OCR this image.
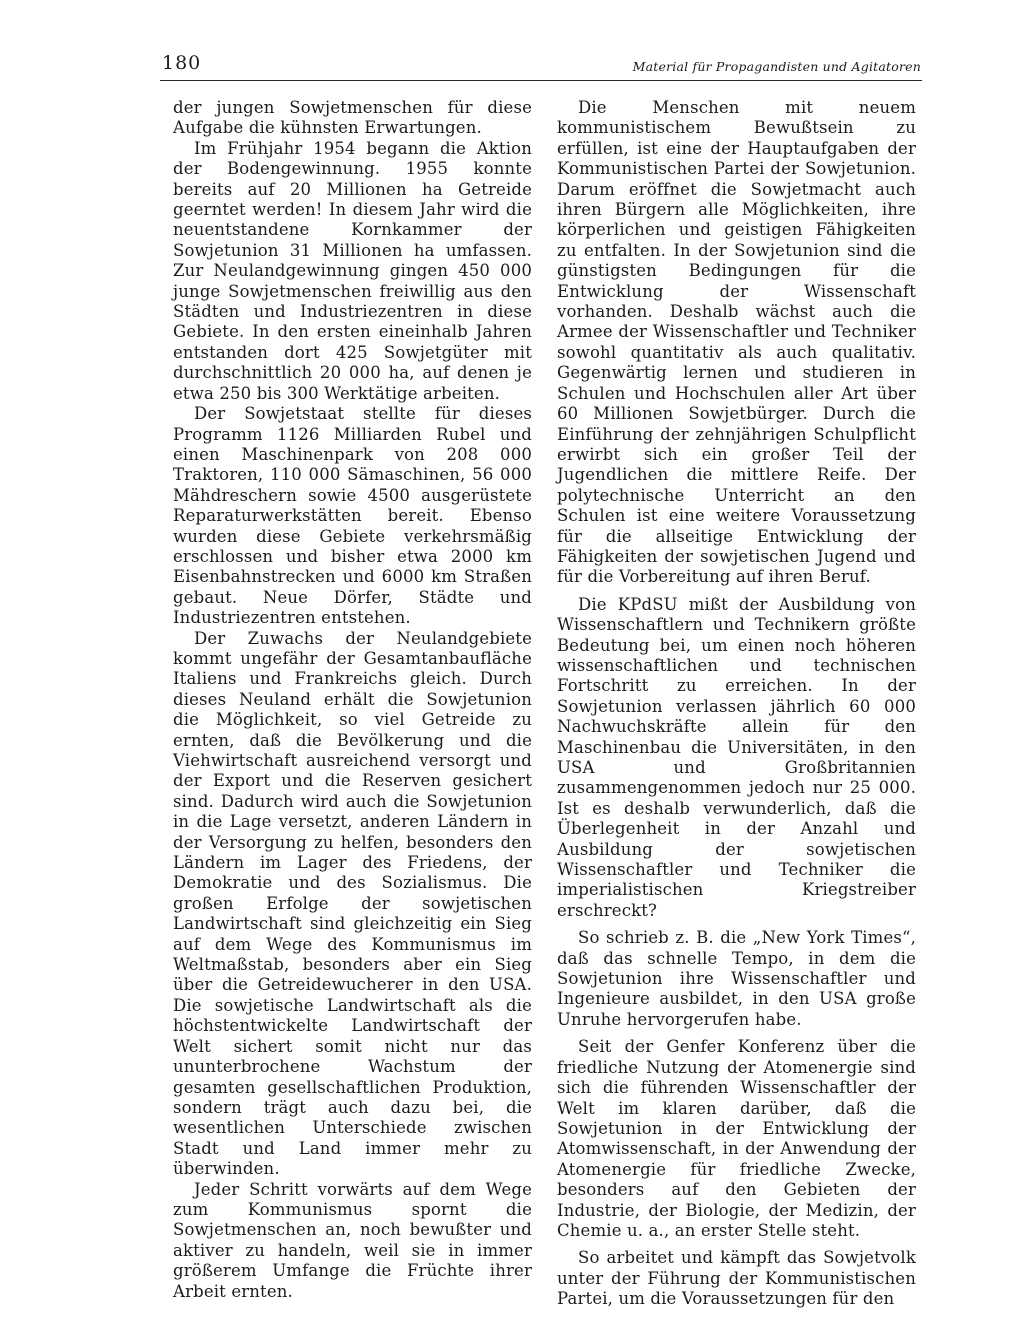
180	Material für Propagandisten und Agitatoren

der jungen Sowjetmenschen für diese Aufgabe die kühnsten Erwartungen.

Im Frühjahr 1954 begann die Aktion der Bodengewinnung. 1955 konnte bereits auf 20 Millionen ha Getreide geerntet werden! In diesem Jahr wird die neuentstandene Kornkammer der Sowjetunion 31 Millionen ha umfassen. Zur Neulandgewinnung gingen 450 000 junge Sowjetmenschen freiwillig aus den Städten und Industriezentren in diese Gebiete. In den ersten eineinhalb Jahren entstanden dort 425 Sowjetgüter mit durchschnittlich 20 000 ha, auf denen je etwa 250 bis 300 Werktätige arbeiten.

Der Sowjetstaat stellte für dieses Programm 1126 Milliarden Rubel und einen Maschinenpark von 208 000 Traktoren, 110 000 Sämaschinen, 56 000 Mähdreschern sowie 4500 ausgerüstete Reparaturwerkstätten bereit. Ebenso wurden diese Gebiete verkehrsmäßig erschlossen und bisher etwa 2000 km Eisenbahnstrecken und 6000 km Straßen gebaut. Neue Dörfer, Städte und Industriezentren entstehen.

Der Zuwachs der Neulandgebiete kommt ungefähr der Gesamtanbaufläche Italiens und Frankreichs gleich. Durch dieses Neuland erhält die Sowjetunion die Möglichkeit, so viel Getreide zu ernten, daß die Bevölkerung und die Viehwirtschaft ausreichend versorgt und der Export und die Reserven gesichert sind. Dadurch wird auch die Sowjetunion in die Lage versetzt, anderen Ländern in der Versorgung zu helfen, besonders den Ländern im Lager des Friedens, der Demokratie und des Sozialismus. Die großen Erfolge der sowjetischen Landwirtschaft sind gleichzeitig ein Sieg auf dem Wege des Kommunismus im Weltmaßstab, besonders aber ein Sieg über die Getreidewucherer in den USA. Die sowjetische Landwirtschaft als die höchstentwickelte Landwirtschaft der Welt sichert somit nicht nur das ununterbrochene Wachstum der gesamten gesellschaftlichen Produktion, sondern trägt auch dazu bei, die wesentlichen Unterschiede zwischen Stadt und Land immer mehr zu überwinden.

Jeder Schritt vorwärts auf dem Wege zum Kommunismus spornt die Sowjetmenschen an, noch bewußter und aktiver zu handeln, weil sie in immer größerem Umfange die Früchte ihrer Arbeit ernten.

Die Menschen mit neuem kommunistischem Bewußtsein zu erfüllen, ist eine der Hauptaufgaben der Kommunistischen Partei der Sowjetunion. Darum eröffnet die Sowjetmacht auch ihren Bürgern alle Möglichkeiten, ihre körperlichen und geistigen Fähigkeiten zu entfalten. In der Sowjetunion sind die günstigsten Bedingungen für die Entwicklung der Wissenschaft vorhanden. Deshalb wächst auch die Armee der Wissenschaftler und Techniker sowohl quantitativ als auch qualitativ. Gegenwärtig lernen und studieren in Schulen und Hochschulen aller Art über 60 Millionen Sowjetbürger. Durch die Einführung der zehnjährigen Schulpflicht erwirbt sich ein großer Teil der Jugendlichen die mittlere Reife. Der polytechnische Unterricht an den Schulen ist eine weitere Voraussetzung für die allseitige Entwicklung der Fähigkeiten der sowjetischen Jugend und für die Vorbereitung auf ihren Beruf.

Die KPdSU mißt der Ausbildung von Wissenschaftlern und Technikern größte Bedeutung bei, um einen noch höheren wissenschaftlichen und technischen Fortschritt zu erreichen. In der Sowjetunion verlassen jährlich 60 000 Nachwuchskräfte allein für den Maschinenbau die Universitäten, in den USA und Großbritannien zusammengenommen jedoch nur 25 000. Ist es deshalb verwunderlich, daß die Überlegenheit in der Anzahl und Ausbildung der sowjetischen Wissenschaftler und Techniker die imperialistischen Kriegstreiber erschreckt?

So schrieb z. B. die „New York Times“, daß das schnelle Tempo, in dem die Sowjetunion ihre Wissenschaftler und Ingenieure ausbildet, in den USA große Unruhe hervorgerufen habe.

Seit der Genfer Konferenz über die friedliche Nutzung der Atomenergie sind sich die führenden Wissenschaftler der Welt im klaren darüber, daß die Sowjetunion in der Entwicklung der Atomwissenschaft, in der Anwendung der Atomenergie für friedliche Zwecke, besonders auf den Gebieten der Industrie, der Biologie, der Medizin, der Chemie u. a., an erster Stelle steht.

So arbeitet und kämpft das Sowjetvolk unter der Führung der Kommunistischen Partei, um die Voraussetzungen für den
